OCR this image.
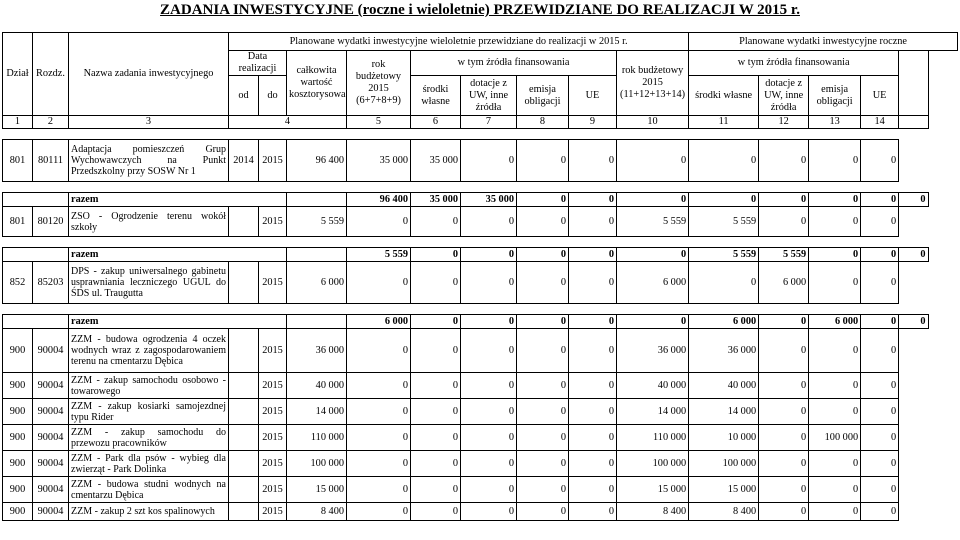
ZADANIA INWESTYCYJNE (roczne i wieloletnie) PRZEWIDZIANE DO REALIZACJI W 2015 r.
Dział	Rozdz.	Nazwa zadania inwestycyjnego	Planowane wydatki inwestycyjne wieloletnie przewidziane do realizacji w 2015 r.									Planowane wydatki inwestycyjne roczne				
			Data realizacji		całkowita wartość kosztorysowa	rok budżetowy 2015 (6+7+8+9)	w tym źródła finansowania				rok budżetowy 2015 (11+12+13+14)	w tym źródła finansowania				
			od	do			środki własne	dotacje z UW, inne źródła	emisja obligacji	UE		środki własne	dotacje z UW, inne źródła	emisja obligacji	UE	
1	2	3	4			5	6	7	8	9	10	11	12	13	14	

801	80111	Adaptacja pomieszczeń Grup Wychowawczych na Punkt Przedszkolny przy SOSW Nr 1	2014	2015	96 400	35 000	35 000	0	0	0	0	0	0	0	0	

		razem				96 400	35 000	35 000	0	0	0	0	0	0	0	0
801	80120	ZSO - Ogrodzenie terenu wokół szkoły		2015	5 559	0	0	0	0	0	5 559	5 559	0	0	0	

		razem				5 559	0	0	0	0	0	5 559	5 559	0	0	0
852	85203	DPS - zakup uniwersalnego gabinetu usprawniania leczniczego UGUL do ŚDS ul. Traugutta		2015	6 000	0	0	0	0	0	6 000	0	6 000	0	0	

		razem				6 000	0	0	0	0	0	6 000	0	6 000	0	0
900	90004	ZZM - budowa ogrodzenia 4 oczek wodnych wraz z zagospodarowaniem terenu na cmentarzu Dębica		2015	36 000	0	0	0	0	0	36 000	36 000	0	0	0	
900	90004	ZZM - zakup samochodu osobowo - towarowego		2015	40 000	0	0	0	0	0	40 000	40 000	0	0	0	
900	90004	ZZM - zakup kosiarki samojezdnej typu Rider		2015	14 000	0	0	0	0	0	14 000	14 000	0	0	0	
900	90004	ZZM - zakup samochodu do przewozu pracowników		2015	110 000	0	0	0	0	0	110 000	10 000	0	100 000	0	
900	90004	ZZM - Park dla psów - wybieg dla zwierząt - Park Dolinka		2015	100 000	0	0	0	0	0	100 000	100 000	0	0	0	
900	90004	ZZM - budowa studni wodnych na cmentarzu Dębica		2015	15 000	0	0	0	0	0	15 000	15 000	0	0	0	
900	90004	ZZM - zakup 2 szt kos spalinowych		2015	8 400	0	0	0	0	0	8 400	8 400	0	0	0	
